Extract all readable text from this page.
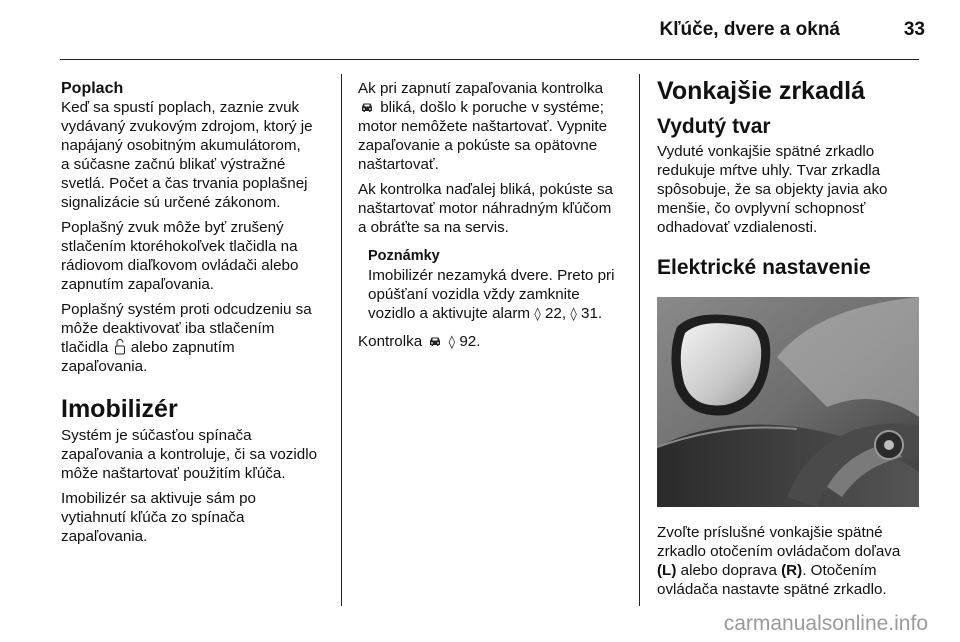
Kľúče, dvere a okná	33
Poplach
Keď sa spustí poplach, zaznie zvuk
vydávaný zvukovým zdrojom, ktorý je
napájaný osobitným akumulátorom,
a súčasne začnú blikať výstražné
svetlá. Počet a čas trvania poplašnej
signalizácie sú určené zákonom.
Poplašný zvuk môže byť zrušený
stlačením ktoréhokoľvek tlačidla na
rádiovom diaľkovom ovládači alebo
zapnutím zapaľovania.
Poplašný systém proti odcudzeniu sa
môže deaktivovať iba stlačením
tlačidla alebo zapnutím
zapaľovania.
Imobilizér
Systém je súčasťou spínača
zapaľovania a kontroluje, či sa vozidlo
môže naštartovať použitím kľúča.
Imobilizér sa aktivuje sám po
vytiahnutí kľúča zo spínača
zapaľovania.
Ak pri zapnutí zapaľovania kontrolka
bliká, došlo k poruche v systéme;
motor nemôžete naštartovať. Vypnite
zapaľovanie a pokúste sa opätovne
naštartovať.
Ak kontrolka naďalej bliká, pokúste sa
naštartovať motor náhradným kľúčom
a obráťte sa na servis.
Poznámky
Imobilizér nezamyká dvere. Preto pri
opúšťaní vozidla vždy zamknite
vozidlo a aktivujte alarm ◊ 22, ◊ 31.
Kontrolka ◊ 92.
Vonkajšie zrkadlá
Vydutý tvar
Vyduté vonkajšie spätné zrkadlo
redukuje mŕtve uhly. Tvar zrkadla
spôsobuje, že sa objekty javia ako
menšie, čo ovplyvní schopnosť
odhadovať vzdialenosti.
Elektrické nastavenie
Zvoľte príslušné vonkajšie spätné
zrkadlo otočením ovládačom doľava
(L) alebo doprava (R). Otočením
ovládača nastavte spätné zrkadlo.
carmanualsonline.info
